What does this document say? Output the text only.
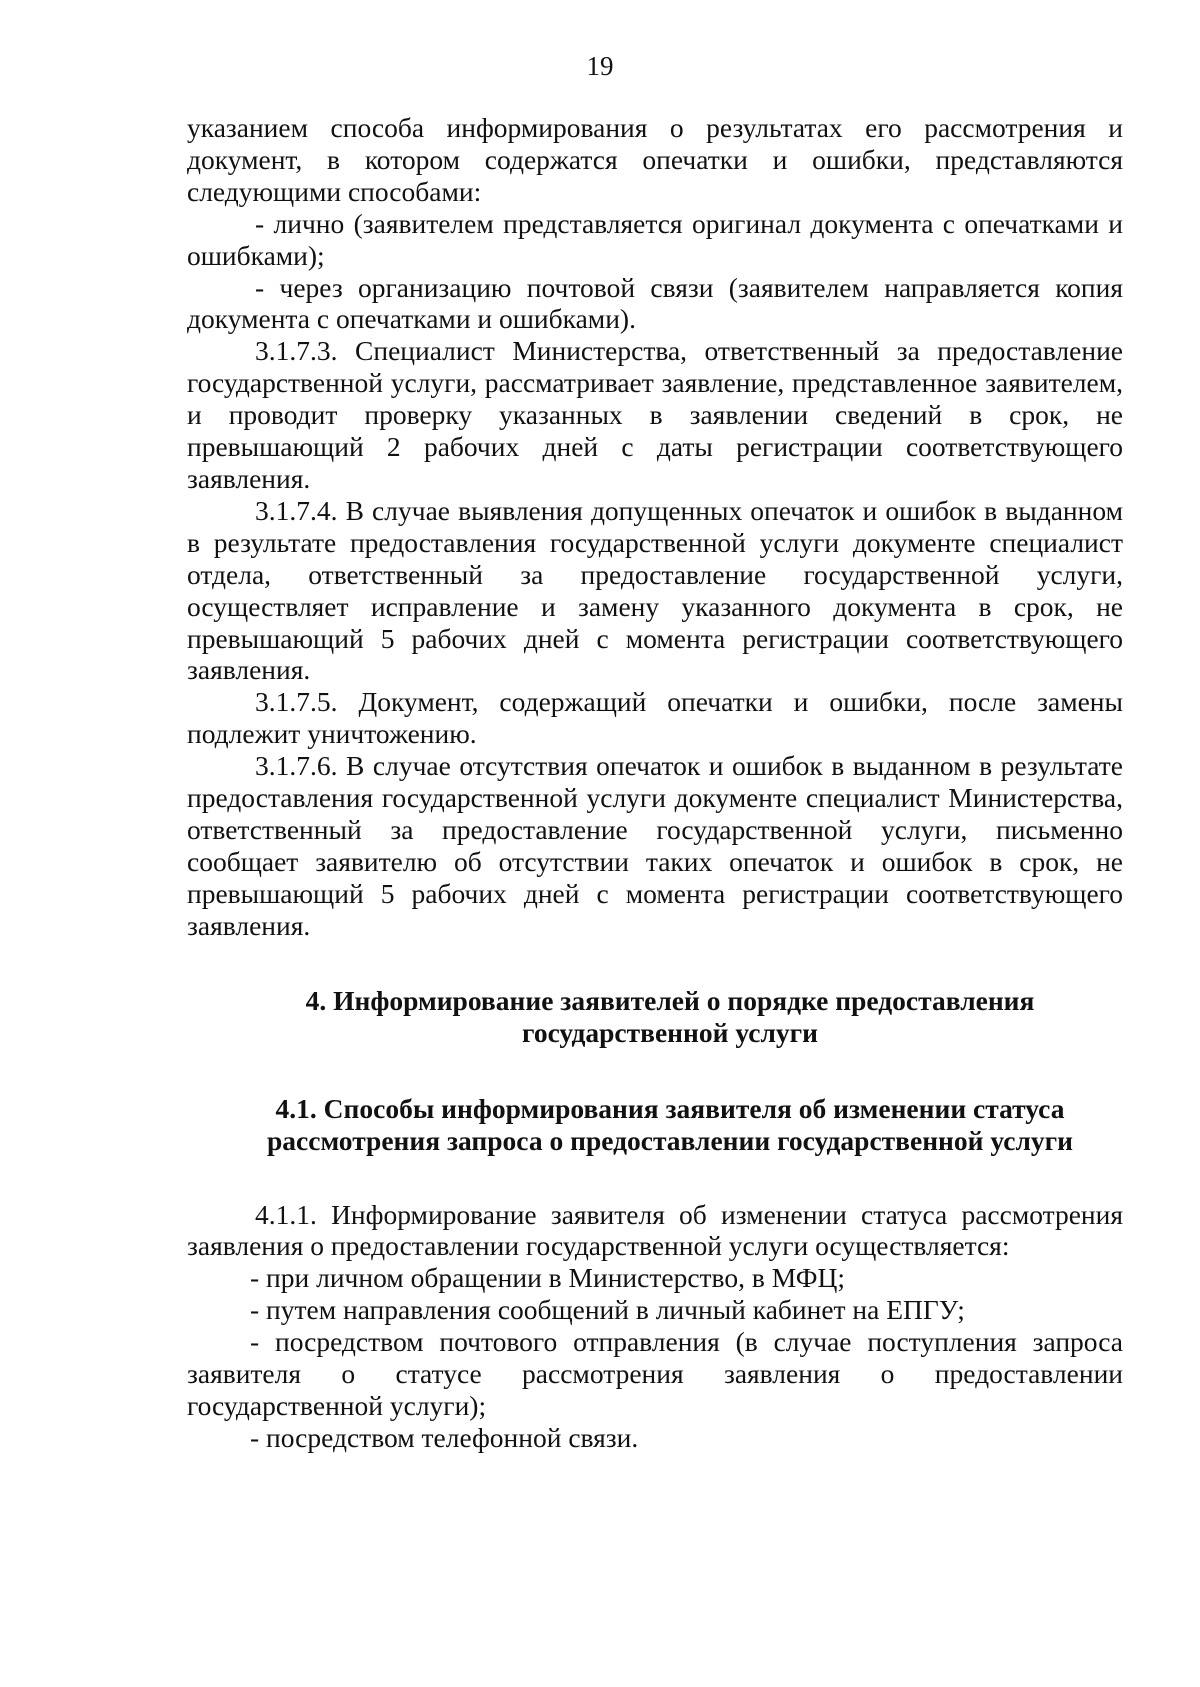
19

указанием способа информирования о результатах его рассмотрения и документ, в котором содержатся опечатки и ошибки, представляются следующими способами:

- лично (заявителем представляется оригинал документа с опечатками и ошибками);

- через организацию почтовой связи (заявителем направляется копия документа с опечатками и ошибками).

3.1.7.3. Специалист Министерства, ответственный за предоставление государственной услуги, рассматривает заявление, представленное заявителем, и проводит проверку указанных в заявлении сведений в срок, не превышающий 2 рабочих дней с даты регистрации соответствующего заявления.

3.1.7.4. В случае выявления допущенных опечаток и ошибок в выданном в результате предоставления государственной услуги документе специалист отдела, ответственный за предоставление государственной услуги, осуществляет исправление и замену указанного документа в срок, не превышающий 5 рабочих дней с момента регистрации соответствующего заявления.

3.1.7.5. Документ, содержащий опечатки и ошибки, после замены подлежит уничтожению.

3.1.7.6. В случае отсутствия опечаток и ошибок в выданном в результате предоставления государственной услуги документе специалист Министерства, ответственный за предоставление государственной услуги, письменно сообщает заявителю об отсутствии таких опечаток и ошибок в срок, не превышающий 5 рабочих дней с момента регистрации соответствующего заявления.

4. Информирование заявителей о порядке предоставления
государственной услуги
4.1. Способы информирования заявителя об изменении статуса
рассмотрения запроса о предоставлении государственной услуги

4.1.1. Информирование заявителя об изменении статуса рассмотрения заявления о предоставлении государственной услуги осуществляется:

- при личном обращении в Министерство, в МФЦ;

- путем направления сообщений в личный кабинет на ЕПГУ;

- посредством почтового отправления (в случае поступления запроса заявителя о статусе рассмотрения заявления о предоставлении государственной услуги);

- посредством телефонной связи.
